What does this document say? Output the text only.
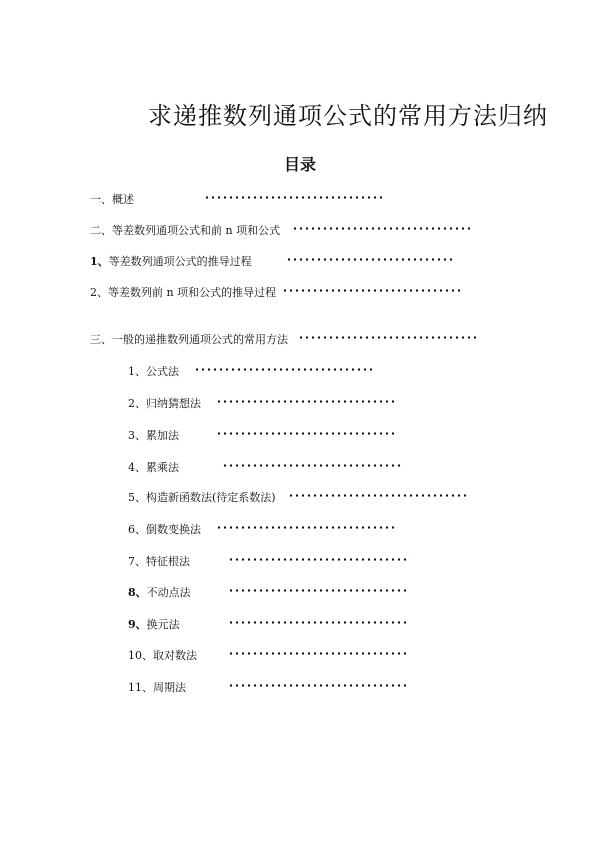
求递推数列通项公式的常用方法归纳
目录
一、概述
二、等差数列通项公式和前 n 项和公式
1、等差数列通项公式的推导过程
2、等差数列前 n 项和公式的推导过程
三、一般的递推数列通项公式的常用方法
1、公式法
2、归纳猜想法
3、累加法
4、累乘法
5、构造新函数法(待定系数法)
6、倒数变换法
7、特征根法
8、不动点法
9、换元法
10、取对数法
11、周期法
